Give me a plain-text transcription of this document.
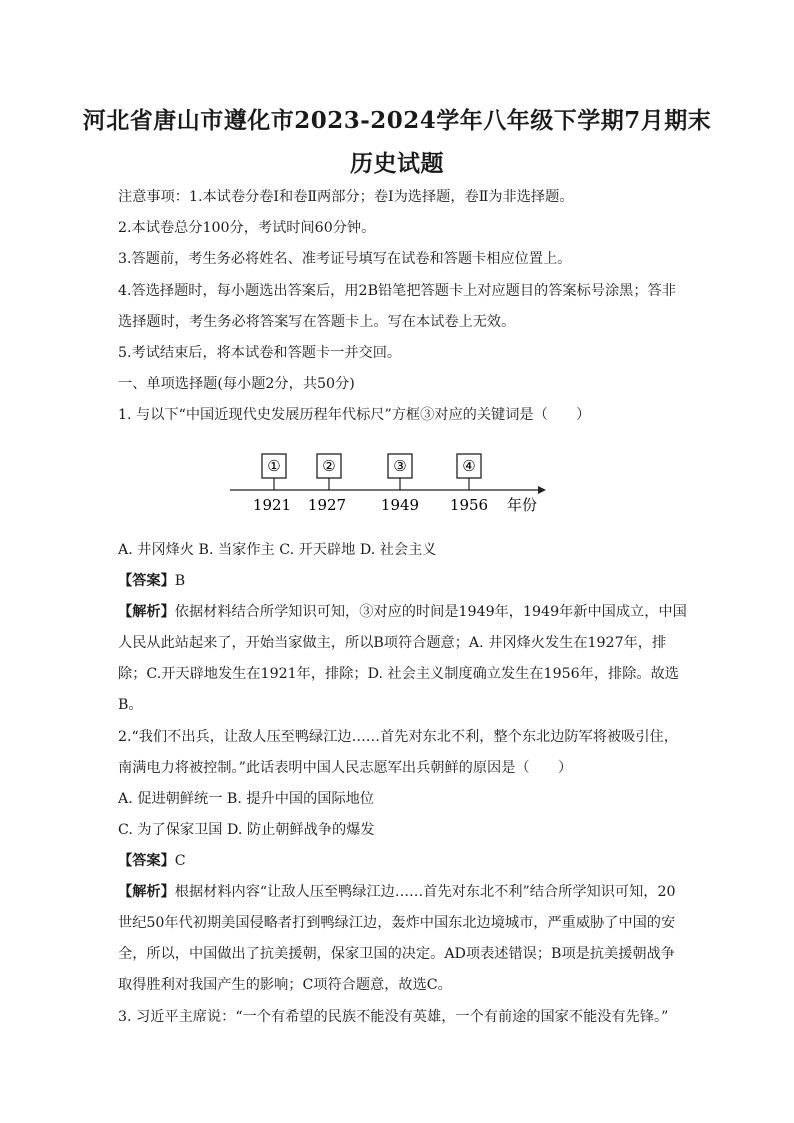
河北省唐山市遵化市2023-2024学年八年级下学期7月期末
历史试题
注意事项：1.本试卷分卷Ⅰ和卷Ⅱ两部分；卷Ⅰ为选择题，卷Ⅱ为非选择题。
2.本试卷总分100分，考试时间60分钟。
3.答题前，考生务必将姓名、准考证号填写在试卷和答题卡相应位置上。
4.答选择题时，每小题选出答案后，用2B铅笔把答题卡上对应题目的答案标号涂黑；答非
选择题时，考生务必将答案写在答题卡上。写在本试卷上无效。
5.考试结束后，将本试卷和答题卡一并交回。
一、单项选择题(每小题2分，共50分)
1. 与以下“中国近现代史发展历程年代标尺”方框③对应的关键词是（　　）
①	②	③	④
1921 1927 1949 1956 年份
A. 井冈烽火 B. 当家作主 C. 开天辟地 D. 社会主义
【答案】B
【解析】依据材料结合所学知识可知，③对应的时间是1949年，1949年新中国成立，中国
人民从此站起来了，开始当家做主，所以B项符合题意；A. 井冈烽火发生在1927年，排
除；C.开天辟地发生在1921年，排除；D. 社会主义制度确立发生在1956年，排除。故选
B。
2.“我们不出兵，让敌人压至鸭绿江边……首先对东北不利，整个东北边防军将被吸引住，
南满电力将被控制。”此话表明中国人民志愿军出兵朝鲜的原因是（　　）
A. 促进朝鲜统一 B. 提升中国的国际地位
C. 为了保家卫国 D. 防止朝鲜战争的爆发
【答案】C
【解析】根据材料内容“让敌人压至鸭绿江边……首先对东北不利”结合所学知识可知，20
世纪50年代初期美国侵略者打到鸭绿江边，轰炸中国东北边境城市，严重威胁了中国的安
全，所以，中国做出了抗美援朝，保家卫国的决定。AD项表述错误；B项是抗美援朝战争
取得胜利对我国产生的影响；C项符合题意，故选C。
3. 习近平主席说：“一个有希望的民族不能没有英雄，一个有前途的国家不能没有先锋。”
